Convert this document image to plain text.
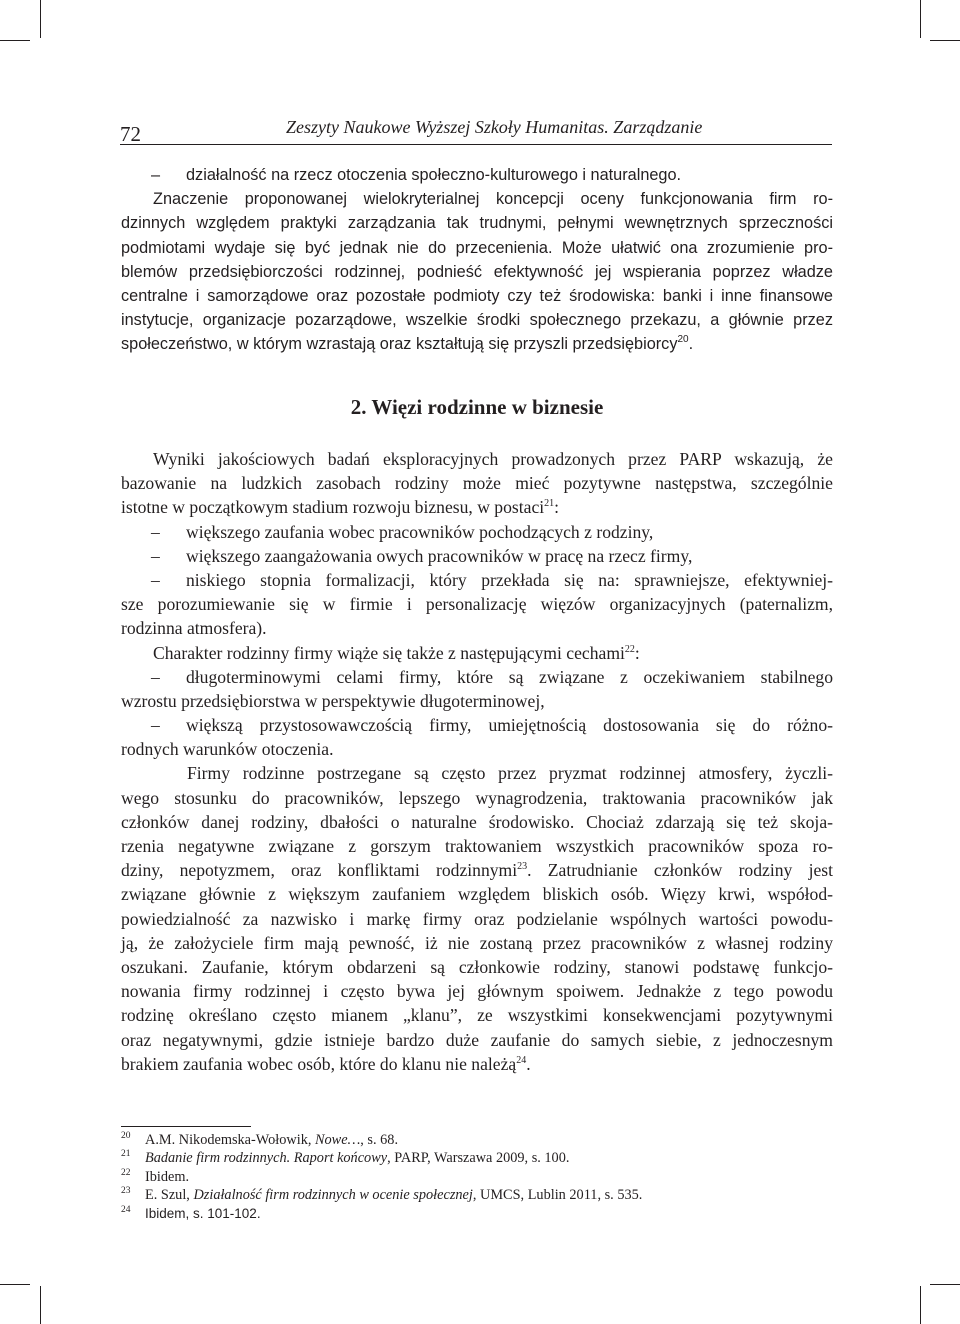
72	Zeszyty Naukowe Wyższej Szkoły Humanitas. Zarządzanie
– działalność na rzecz otoczenia społeczno-kulturowego i naturalnego.
Znaczenie proponowanej wielokryterialnej koncepcji oceny funkcjonowania firm ro-
dzinnych względem praktyki zarządzania tak trudnymi, pełnymi wewnętrznych sprzeczności
podmiotami wydaje się być jednak nie do przecenienia. Może ułatwić ona zrozumienie pro-
blemów przedsiębiorczości rodzinnej, podnieść efektywność jej wspierania poprzez władze
centralne i samorządowe oraz pozostałe podmioty czy też środowiska: banki i inne finansowe
instytucje, organizacje pozarządowe, wszelkie środki społecznego przekazu, a głównie przez
społeczeństwo, w którym wzrastają oraz kształtują się przyszli przedsiębiorcy$^{20}$.
2. Więzi rodzinne w biznesie
Wyniki jakościowych badań eksploracyjnych prowadzonych przez PARP wskazują, że
bazowanie na ludzkich zasobach rodziny może mieć pozytywne następstwa, szczególnie
istotne w początkowym stadium rozwoju biznesu, w postaci$^{21}$:
– większego zaufania wobec pracowników pochodzących z rodziny,
– większego zaangażowania owych pracowników w pracę na rzecz firmy,
– niskiego stopnia formalizacji, który przekłada się na: sprawniejsze, efektywniej-
sze porozumiewanie się w firmie i personalizację więzów organizacyjnych (paternalizm,
rodzinna atmosfera).
Charakter rodzinny firmy wiąże się także z następującymi cechami$^{22}$:
– długoterminowymi celami firmy, które są związane z oczekiwaniem stabilnego
wzrostu przedsiębiorstwa w perspektywie długoterminowej,
– większą przystosowawczością firmy, umiejętnością dostosowania się do różno-
rodnych warunków otoczenia.
Firmy rodzinne postrzegane są często przez pryzmat rodzinnej atmosfery, życzli-
wego stosunku do pracowników, lepszego wynagrodzenia, traktowania pracowników jak
członków danej rodziny, dbałości o naturalne środowisko. Chociaż zdarzają się też skoja-
rzenia negatywne związane z gorszym traktowaniem wszystkich pracowników spoza ro-
dziny, nepotyzmem, oraz konfliktami rodzinnymi$^{23}$. Zatrudnianie członków rodziny jest
związane głównie z większym zaufaniem względem bliskich osób. Więzy krwi, współod-
powiedzialność za nazwisko i markę firmy oraz podzielanie wspólnych wartości powodu-
ją, że założyciele firm mają pewność, iż nie zostaną przez pracowników z własnej rodziny
oszukani. Zaufanie, którym obdarzeni są członkowie rodziny, stanowi podstawę funkcjo-
nowania firmy rodzinnej i często bywa jej głównym spoiwem. Jednakże z tego powodu
rodzinę określano często mianem „klanu”, ze wszystkimi konsekwencjami pozytywnymi
oraz negatywnymi, gdzie istnieje bardzo duże zaufanie do samych siebie, z jednoczesnym
brakiem zaufania wobec osób, które do klanu nie należą$^{24}$.
20 A.M. Nikodemska-Wołowik, Nowe…, s. 68.
21 Badanie firm rodzinnych. Raport końcowy, PARP, Warszawa 2009, s. 100.
22 Ibidem.
23 E. Szul, Działalność firm rodzinnych w ocenie społecznej, UMCS, Lublin 2011, s. 535.
24 Ibidem, s. 101-102.
